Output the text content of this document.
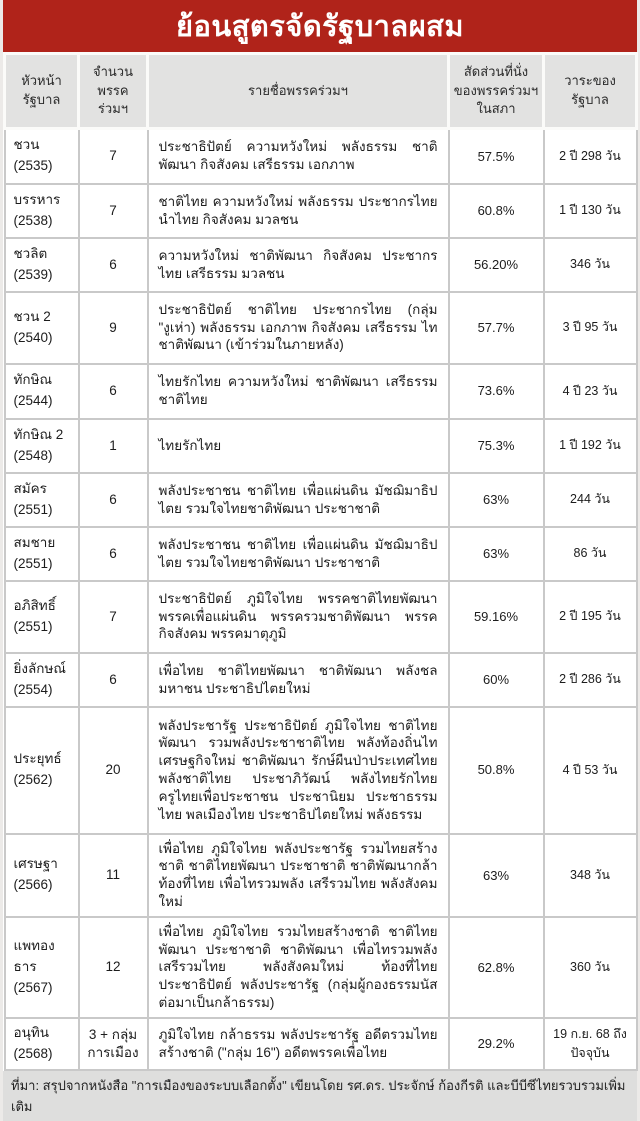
ย้อนสูตรจัดรัฐบาลผสม
หัวหน้า
รัฐบาล

จำนวน
พรรค
ร่วมฯ

รายชื่อพรรคร่วมฯ

สัดส่วนที่นั่ง
ของพรรคร่วมฯ
ในสภา

วาระของ
รัฐบาล

ชวน
(2535)	7	ประชาธิปัตย์ ความหวังใหม่ พลังธรรม ชาติพัฒนา กิจสังคม เสรีธรรม เอกภาพ	57.5%	2 ปี 298 วัน

บรรหาร
(2538)	7	ชาติไทย ความหวังใหม่ พลังธรรม ประชากรไทย นำไทย กิจสังคม มวลชน	60.8%	1 ปี 130 วัน

ชวลิต
(2539)	6	ความหวังใหม่ ชาติพัฒนา กิจสังคม ประชากรไทย เสรีธรรม มวลชน	56.20%	346 วัน

ชวน 2
(2540)	9	ประชาธิปัตย์ ชาติไทย ประชากรไทย (กลุ่ม "งูเห่า) พลังธรรม เอกภาพ กิจสังคม เสรีธรรม ไทชาติพัฒนา (เข้าร่วมในภายหลัง)	57.7%	3 ปี 95 วัน

ทักษิณ
(2544)	6	ไทยรักไทย ความหวังใหม่ ชาติพัฒนา เสรีธรรม ชาติไทย	73.6%	4 ปี 23 วัน

ทักษิณ 2
(2548)	1	ไทยรักไทย	75.3%	1 ปี 192 วัน

สมัคร
(2551)	6	พลังประชาชน ชาติไทย เพื่อแผ่นดิน มัชฌิมาธิปไตย รวมใจไทยชาติพัฒนา ประชาชาติ	63%	244 วัน

สมชาย
(2551)	6	พลังประชาชน ชาติไทย เพื่อแผ่นดิน มัชฌิมาธิปไตย รวมใจไทยชาติพัฒนา ประชาชาติ	63%	86 วัน

อภิสิทธิ์
(2551)	7	ประชาธิปัตย์ ภูมิใจไทย พรรคชาติไทยพัฒนา พรรคเพื่อแผ่นดิน พรรครวมชาติพัฒนา พรรคกิจสังคม พรรคมาตุภูมิ	59.16%	2 ปี 195 วัน

ยิ่งลักษณ์
(2554)	6	เพื่อไทย ชาติไทยพัฒนา ชาติพัฒนา พลังชล มหาชน ประชาธิปไตยใหม่	60%	2 ปี 286 วัน

ประยุทธ์
(2562)	20	พลังประชารัฐ ประชาธิปัตย์ ภูมิใจไทย ชาติไทยพัฒนา รวมพลังประชาชาติไทย พลังท้องถิ่นไท เศรษฐกิจใหม่ ชาติพัฒนา รักษ์ผืนป่าประเทศไทย พลังชาติไทย ประชาภิวัฒน์ พลังไทยรักไทย ครูไทยเพื่อประชาชน ประชานิยม ประชาธรรมไทย พลเมืองไทย ประชาธิปไตยใหม่ พลังธรรม	50.8%	4 ปี 53 วัน

เศรษฐา
(2566)	11	เพื่อไทย ภูมิใจไทย พลังประชารัฐ รวมไทยสร้างชาติ ชาติไทยพัฒนา ประชาชาติ ชาติพัฒนากล้า ท้องที่ไทย เพื่อไทรวมพลัง เสรีรวมไทย พลังสังคมใหม่	63%	348 วัน

แพทองธาร
(2567)	12	เพื่อไทย ภูมิใจไทย รวมไทยสร้างชาติ ชาติไทยพัฒนา ประชาชาติ ชาติพัฒนา เพื่อไทรวมพลัง เสรีรวมไทย พลังสังคมใหม่ ท้องที่ไทย ประชาธิปัตย์ พลังประชารัฐ (กลุ่มผู้กองธรรมนัส ต่อมาเป็นกล้าธรรม)	62.8%	360 วัน

อนุทิน
(2568)	3 + กลุ่ม การเมือง	ภูมิใจไทย กล้าธรรม พลังประชารัฐ อดีตรวมไทยสร้างชาติ ("กลุ่ม 16") อดีตพรรคเพื่อไทย	29.2%	19 ก.ย. 68 ถึง ปัจจุบัน
ที่มา: สรุปจากหนังสือ "การเมืองของระบบเลือกตั้ง" เขียนโดย รศ.ดร. ประจักษ์ ก้องกีรติ และบีบีซีไทยรวบรวมเพิ่มเติม
